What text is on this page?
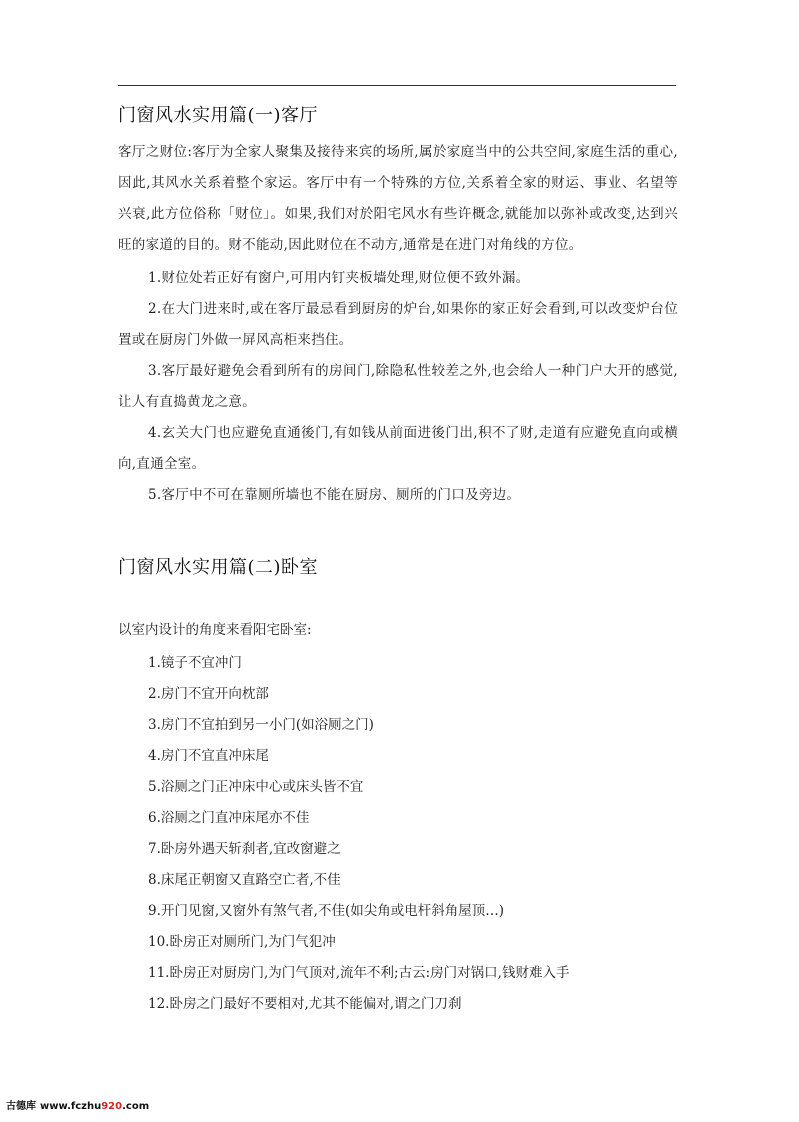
门窗风水实用篇(一)客厅

客厅之财位:客厅为全家人聚集及接待来宾的场所,属於家庭当中的公共空间,家庭生活的重心,因此,其风水关系着整个家运。客厅中有一个特殊的方位,关系着全家的财运、事业、名望等兴衰,此方位俗称「财位」。如果,我们对於阳宅风水有些许概念,就能加以弥补或改变,达到兴旺的家道的目的。财不能动,因此财位在不动方,通常是在进门对角线的方位。

1.财位处若正好有窗户,可用内钉夹板墙处理,财位便不致外漏。

2.在大门进来时,或在客厅最忌看到厨房的炉台,如果你的家正好会看到,可以改变炉台位置或在厨房门外做一屏风高柜来挡住。

3.客厅最好避免会看到所有的房间门,除隐私性较差之外,也会给人一种门户大开的感觉,让人有直捣黄龙之意。

4.玄关大门也应避免直通後门,有如钱从前面进後门出,积不了财,走道有应避免直向或横向,直通全室。

5.客厅中不可在靠厕所墙也不能在厨房、厕所的门口及旁边。

门窗风水实用篇(二)卧室
以室内设计的角度来看阳宅卧室:
1.镜子不宜冲门
2.房门不宜开向枕部
3.房门不宜拍到另一小门(如浴厕之门)
4.房门不宜直冲床尾
5.浴厕之门正冲床中心或床头皆不宜
6.浴厕之门直冲床尾亦不佳
7.卧房外遇天斩刹者,宜改窗避之
8.床尾正朝窗又直路空亡者,不佳
9.开门见窗,又窗外有煞气者,不佳(如尖角或电杆斜角屋顶…)
10.卧房正对厕所门,为门气犯冲
11.卧房正对厨房门,为门气顶对,流年不利;古云:房门对锅口,钱财难入手
12.卧房之门最好不要相对,尤其不能偏对,谓之门刀刹
古德库 www.fczhu920.com
